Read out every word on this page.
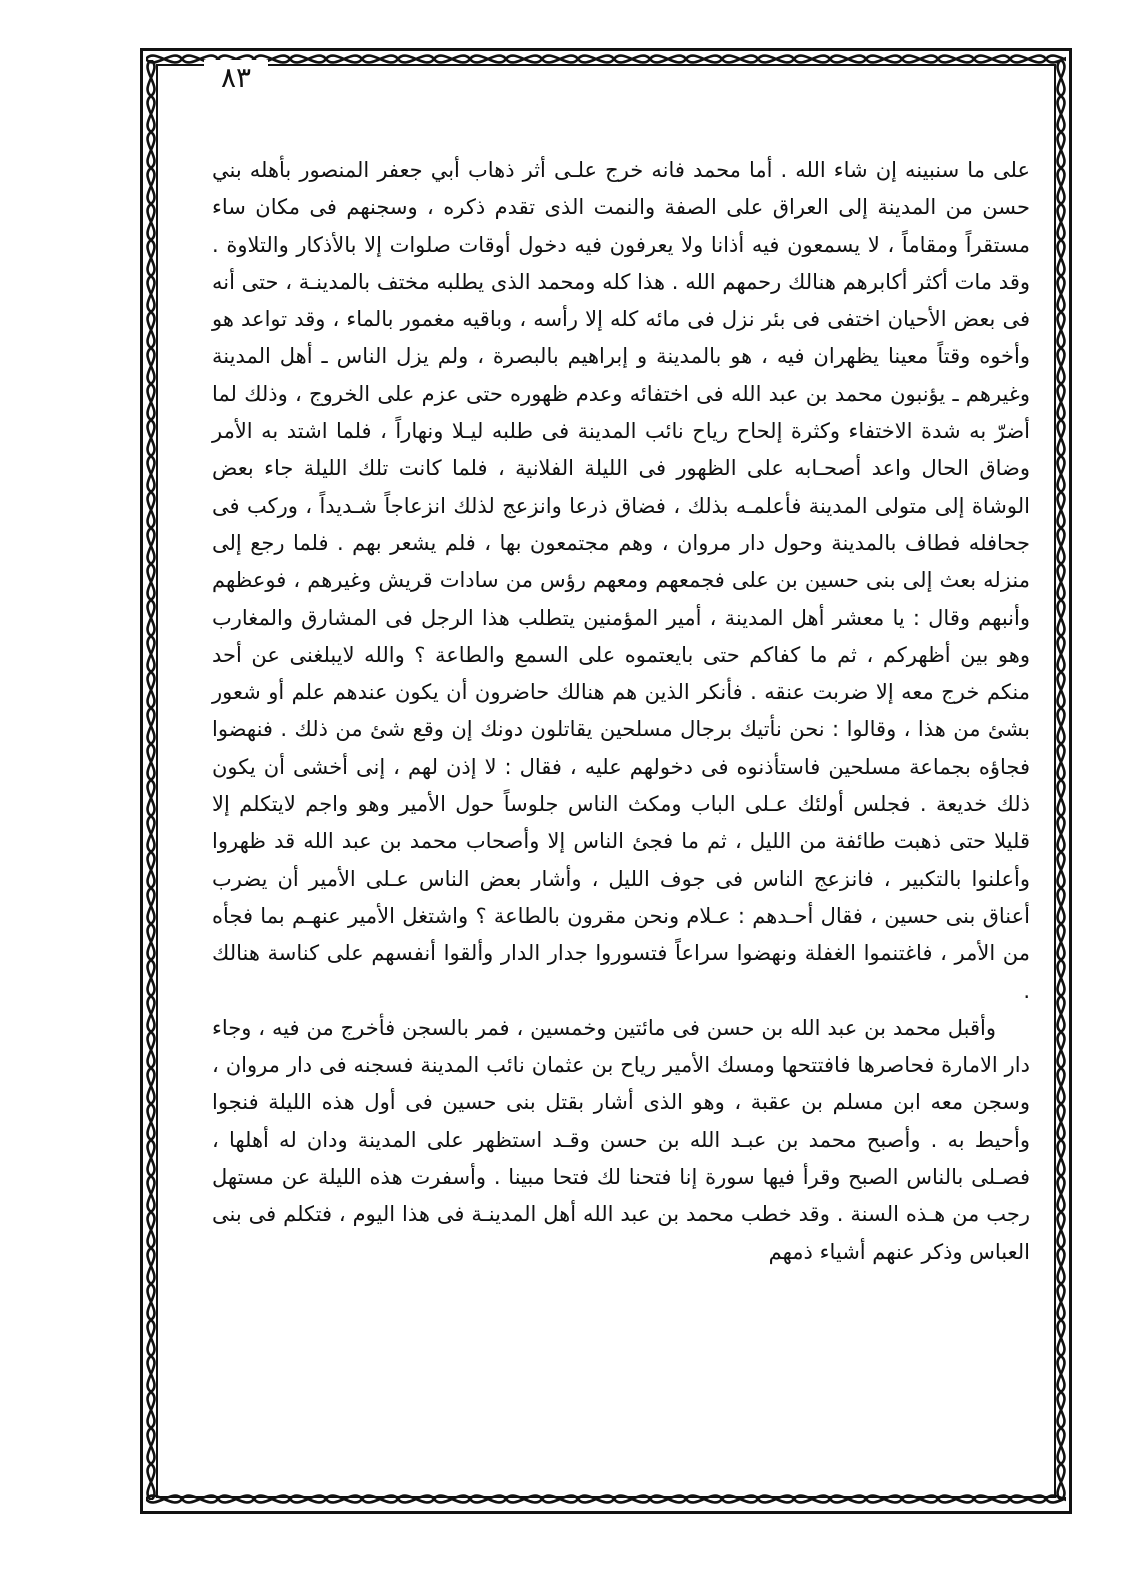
٨٣

على ما سنبينه إن شاء الله . أما محمد فانه خرج علـى أثر ذهاب أبي جعفر المنصور بأهله بني حسن من المدينة إلى العراق على الصفة والنمت الذى تقدم ذكره ، وسجنهم فى مكان ساء مستقراً ومقاماً ، لا يسمعون فيه أذانا ولا يعرفون فيه دخول أوقات صلوات إلا بالأذكار والتلاوة . وقد مات أكثر أكابرهم هنالك رحمهم الله . هذا كله ومحمد الذى يطلبه مختف بالمدينـة ، حتى أنه فى بعض الأحيان اختفى فى بئر نزل فى مائه كله إلا رأسه ، وباقيه مغمور بالماء ، وقد تواعد هو وأخوه وقتاً معينا يظهران فيه ، هو بالمدينة و إبراهيم بالبصرة ، ولم يزل الناس ـ أهل المدينة وغيرهم ـ يؤنبون محمد بن عبد الله فى اختفائه وعدم ظهوره حتى عزم على الخروج ، وذلك لما أضرّ به شدة الاختفاء وكثرة إلحاح رياح نائب المدينة فى طلبه ليـلا ونهاراً ، فلما اشتد به الأمر وضاق الحال واعد أصحـابه على الظهور فى الليلة الفلانية ، فلما كانت تلك الليلة جاء بعض الوشاة إلى متولى المدينة فأعلمـه بذلك ، فضاق ذرعا وانزعج لذلك انزعاجاً شـديداً ، وركب فى جحافله فطاف بالمدينة وحول دار مروان ، وهم مجتمعون بها ، فلم يشعر بهم . فلما رجع إلى منزله بعث إلى بنى حسين بن على فجمعهم ومعهم رؤس من سادات قريش وغيرهم ، فوعظهم وأنبهم وقال : يا معشر أهل المدينة ، أمير المؤمنين يتطلب هذا الرجل فى المشارق والمغارب وهو بين أظهركم ، ثم ما كفاكم حتى بايعتموه على السمع والطاعة ؟ والله لايبلغنى عن أحد منكم خرج معه إلا ضربت عنقه . فأنكر الذين هم هنالك حاضرون أن يكون عندهم علم أو شعور بشئ من هذا ، وقالوا : نحن نأتيك برجال مسلحين يقاتلون دونك إن وقع شئ من ذلك . فنهضوا فجاؤه بجماعة مسلحين فاستأذنوه فى دخولهم عليه ، فقال : لا إذن لهم ، إنى أخشى أن يكون ذلك خديعة . فجلس أولئك عـلى الباب ومكث الناس جلوساً حول الأمير وهو واجم لايتكلم إلا قليلا حتى ذهبت طائفة من الليل ، ثم ما فجئ الناس إلا وأصحاب محمد بن عبد الله قد ظهروا وأعلنوا بالتكبير ، فانزعج الناس فى جوف الليل ، وأشار بعض الناس عـلى الأمير أن يضرب أعناق بنى حسين ، فقال أحـدهم : عـلام ونحن مقرون بالطاعة ؟ واشتغل الأمير عنهـم بما فجأه من الأمر ، فاغتنموا الغفلة ونهضوا سراعاً فتسوروا جدار الدار وألقوا أنفسهم على كناسة هنالك .

وأقبل محمد بن عبد الله بن حسن فى مائتين وخمسين ، فمر بالسجن فأخرج من فيه ، وجاء دار الامارة فحاصرها فافتتحها ومسك الأمير رياح بن عثمان نائب المدينة فسجنه فى دار مروان ، وسجن معه ابن مسلم بن عقبة ، وهو الذى أشار بقتل بنى حسين فى أول هذه الليلة فنجوا وأحيط به . وأصبح محمد بن عبـد الله بن حسن وقـد استظهر على المدينة ودان له أهلها ، فصـلى بالناس الصبح وقرأ فيها سورة إنا فتحنا لك فتحا مبينا . وأسفرت هذه الليلة عن مستهل رجب من هـذه السنة . وقد خطب محمد بن عبد الله أهل المدينـة فى هذا اليوم ، فتكلم فى بنى العباس وذكر عنهم أشياء ذمهم
